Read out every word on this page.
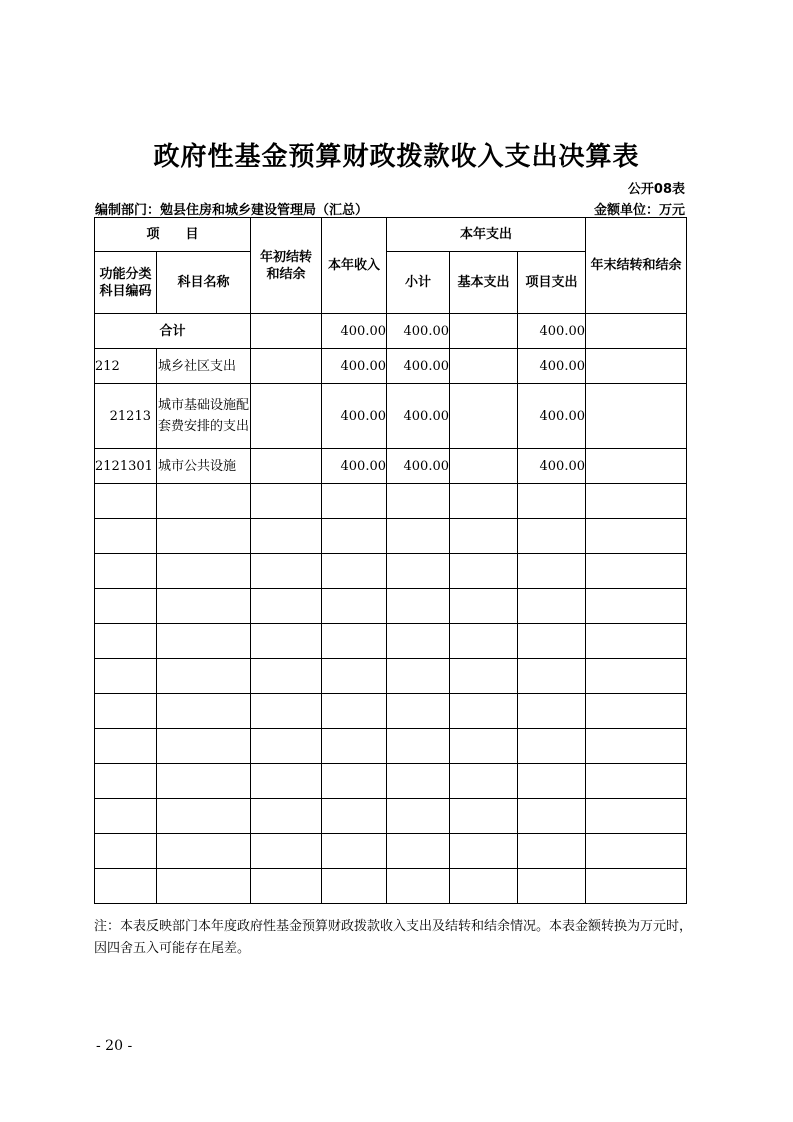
政府性基金预算财政拨款收入支出决算表
公开08表
编制部门：勉县住房和城乡建设管理局（汇总）	金额单位：万元
项　　目		年初结转和结余	本年收入	本年支出			年末结转和结余
功能分类科目编码	科目名称			小计	基本支出	项目支出	
合计			400.00	400.00		400.00	
212	城乡社区支出		400.00	400.00		400.00	
21213	城市基础设施配套费安排的支出		400.00	400.00		400.00	
2121301	城市公共设施		400.00	400.00		400.00	

注：本表反映部门本年度政府性基金预算财政拨款收入支出及结转和结余情况。本表金额转换为万元时，因四舍五入可能存在尾差。
- 20 -
